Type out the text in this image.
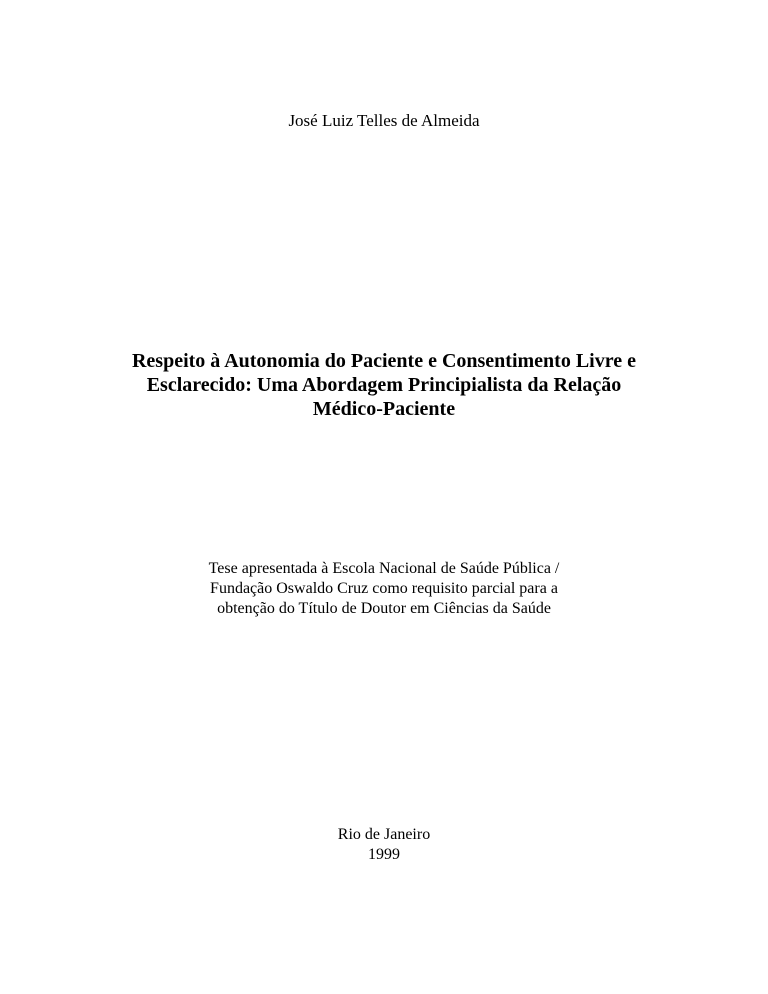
José Luiz Telles de Almeida
Respeito à Autonomia do Paciente e Consentimento Livre e
Esclarecido: Uma Abordagem Principialista da Relação
Médico-Paciente
Tese apresentada à Escola Nacional de Saúde Pública /
Fundação Oswaldo Cruz como requisito parcial para a
obtenção do Título de Doutor em Ciências da Saúde
Rio de Janeiro
1999
